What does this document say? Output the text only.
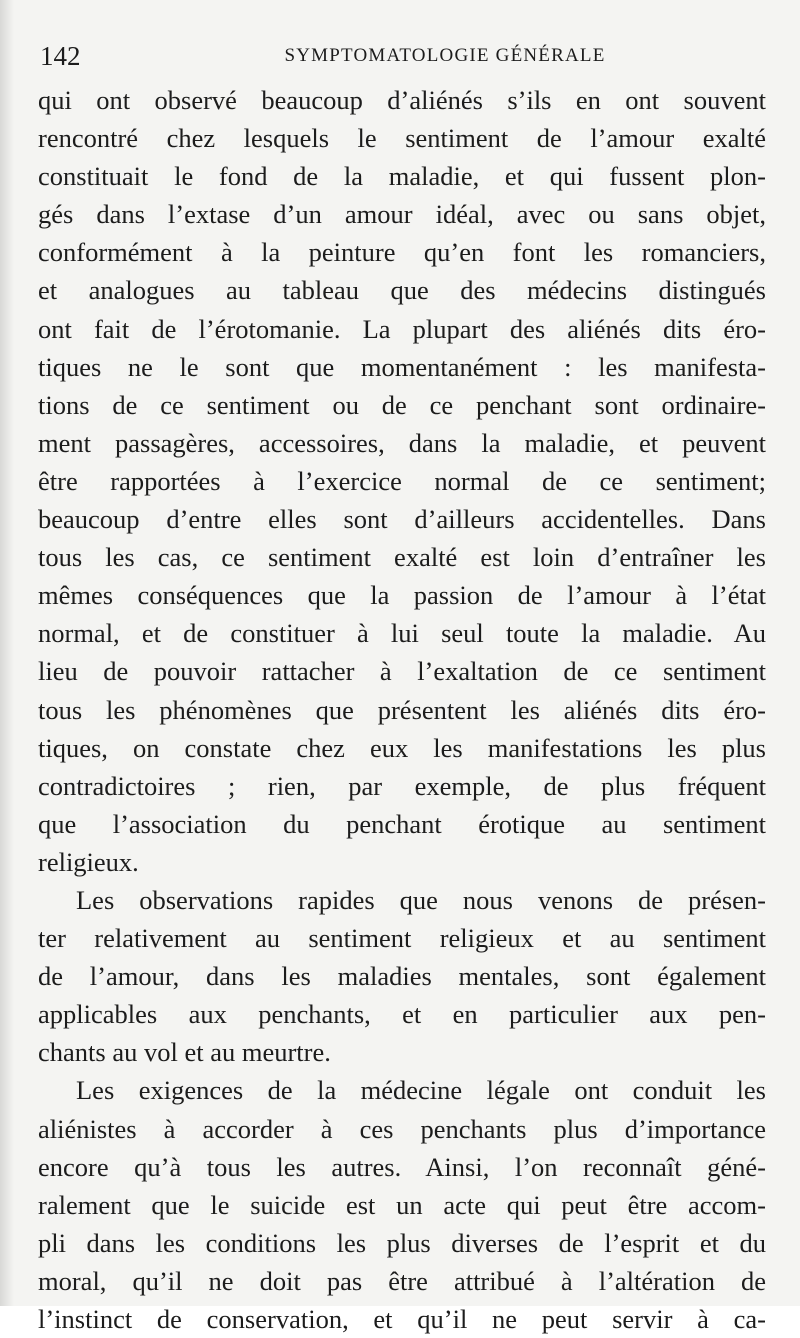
142	SYMPTOMATOLOGIE GÉNÉRALE
qui ont observé beaucoup d’aliénés s’ils en ont souvent
rencontré chez lesquels le sentiment de l’amour exalté
constituait le fond de la maladie, et qui fussent plon-
gés dans l’extase d’un amour idéal, avec ou sans objet,
conformément à la peinture qu’en font les romanciers,
et analogues au tableau que des médecins distingués
ont fait de l’érotomanie. La plupart des aliénés dits éro-
tiques ne le sont que momentanément : les manifesta-
tions de ce sentiment ou de ce penchant sont ordinaire-
ment passagères, accessoires, dans la maladie, et peuvent
être rapportées à l’exercice normal de ce sentiment;
beaucoup d’entre elles sont d’ailleurs accidentelles. Dans
tous les cas, ce sentiment exalté est loin d’entraîner les
mêmes conséquences que la passion de l’amour à l’état
normal, et de constituer à lui seul toute la maladie. Au
lieu de pouvoir rattacher à l’exaltation de ce sentiment
tous les phénomènes que présentent les aliénés dits éro-
tiques, on constate chez eux les manifestations les plus
contradictoires ; rien, par exemple, de plus fréquent
que l’association du penchant érotique au sentiment
religieux.
Les observations rapides que nous venons de présen-
ter relativement au sentiment religieux et au sentiment
de l’amour, dans les maladies mentales, sont également
applicables aux penchants, et en particulier aux pen-
chants au vol et au meurtre.
Les exigences de la médecine légale ont conduit les
aliénistes à accorder à ces penchants plus d’importance
encore qu’à tous les autres. Ainsi, l’on reconnaît géné-
ralement que le suicide est un acte qui peut être accom-
pli dans les conditions les plus diverses de l’esprit et du
moral, qu’il ne doit pas être attribué à l’altération de
l’instinct de conservation, et qu’il ne peut servir à ca-
